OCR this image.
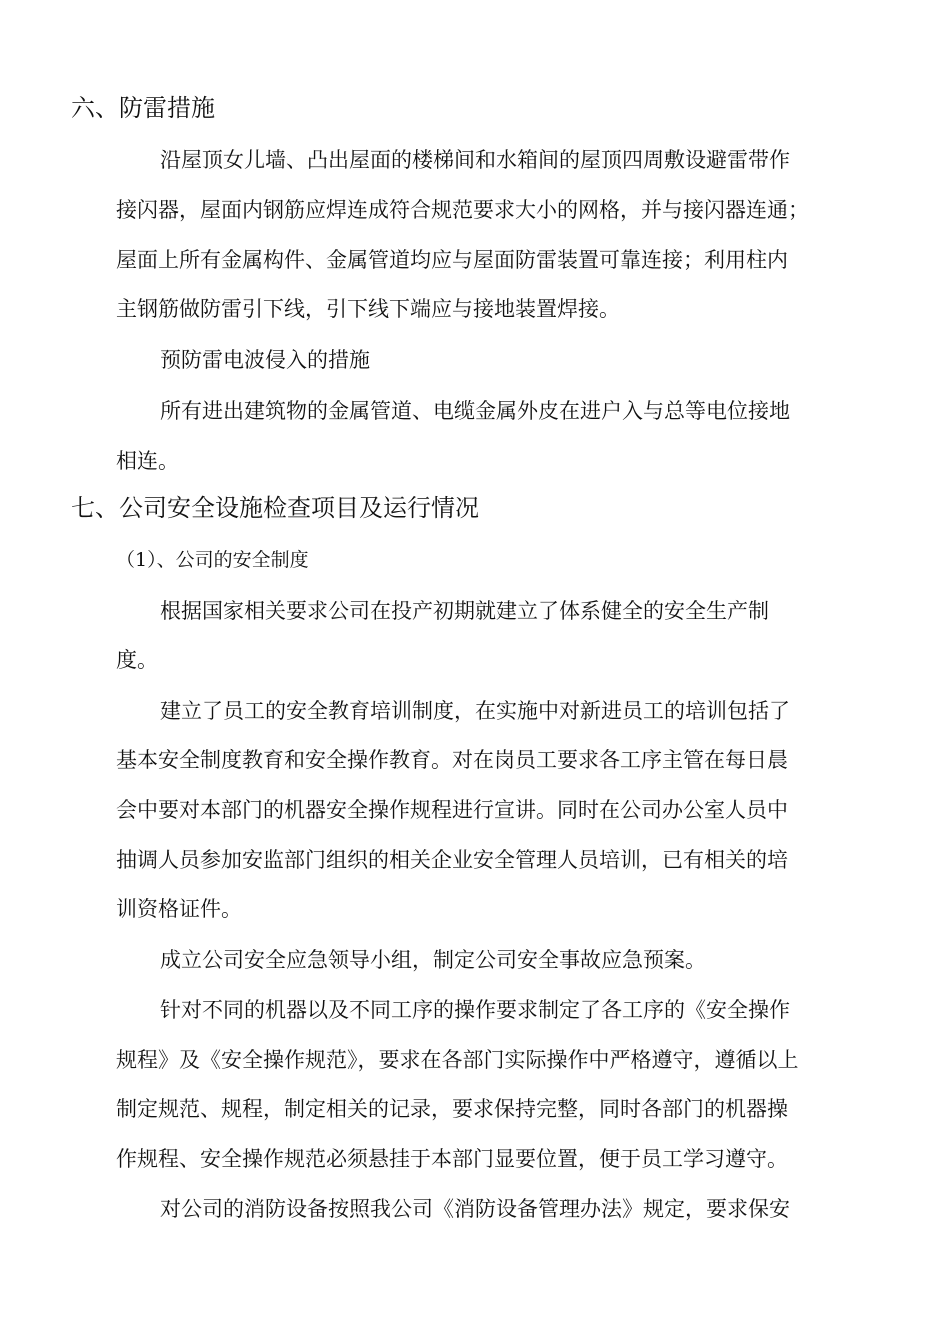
六、防雷措施
沿屋顶女儿墙、凸出屋面的楼梯间和水箱间的屋顶四周敷设避雷带作
接闪器，屋面内钢筋应焊连成符合规范要求大小的网格，并与接闪器连通；
屋面上所有金属构件、金属管道均应与屋面防雷装置可靠连接；利用柱内
主钢筋做防雷引下线，引下线下端应与接地装置焊接。
预防雷电波侵入的措施
所有进出建筑物的金属管道、电缆金属外皮在进户入与总等电位接地
相连。
七、公司安全设施检查项目及运行情况
（1）、公司的安全制度
根据国家相关要求公司在投产初期就建立了体系健全的安全生产制
度。
建立了员工的安全教育培训制度，在实施中对新进员工的培训包括了
基本安全制度教育和安全操作教育。对在岗员工要求各工序主管在每日晨
会中要对本部门的机器安全操作规程进行宣讲。同时在公司办公室人员中
抽调人员参加安监部门组织的相关企业安全管理人员培训，已有相关的培
训资格证件。
成立公司安全应急领导小组，制定公司安全事故应急预案。
针对不同的机器以及不同工序的操作要求制定了各工序的《安全操作
规程》及《安全操作规范》，要求在各部门实际操作中严格遵守，遵循以上
制定规范、规程，制定相关的记录，要求保持完整，同时各部门的机器操
作规程、安全操作规范必须悬挂于本部门显要位置，便于员工学习遵守。
对公司的消防设备按照我公司《消防设备管理办法》规定，要求保安
